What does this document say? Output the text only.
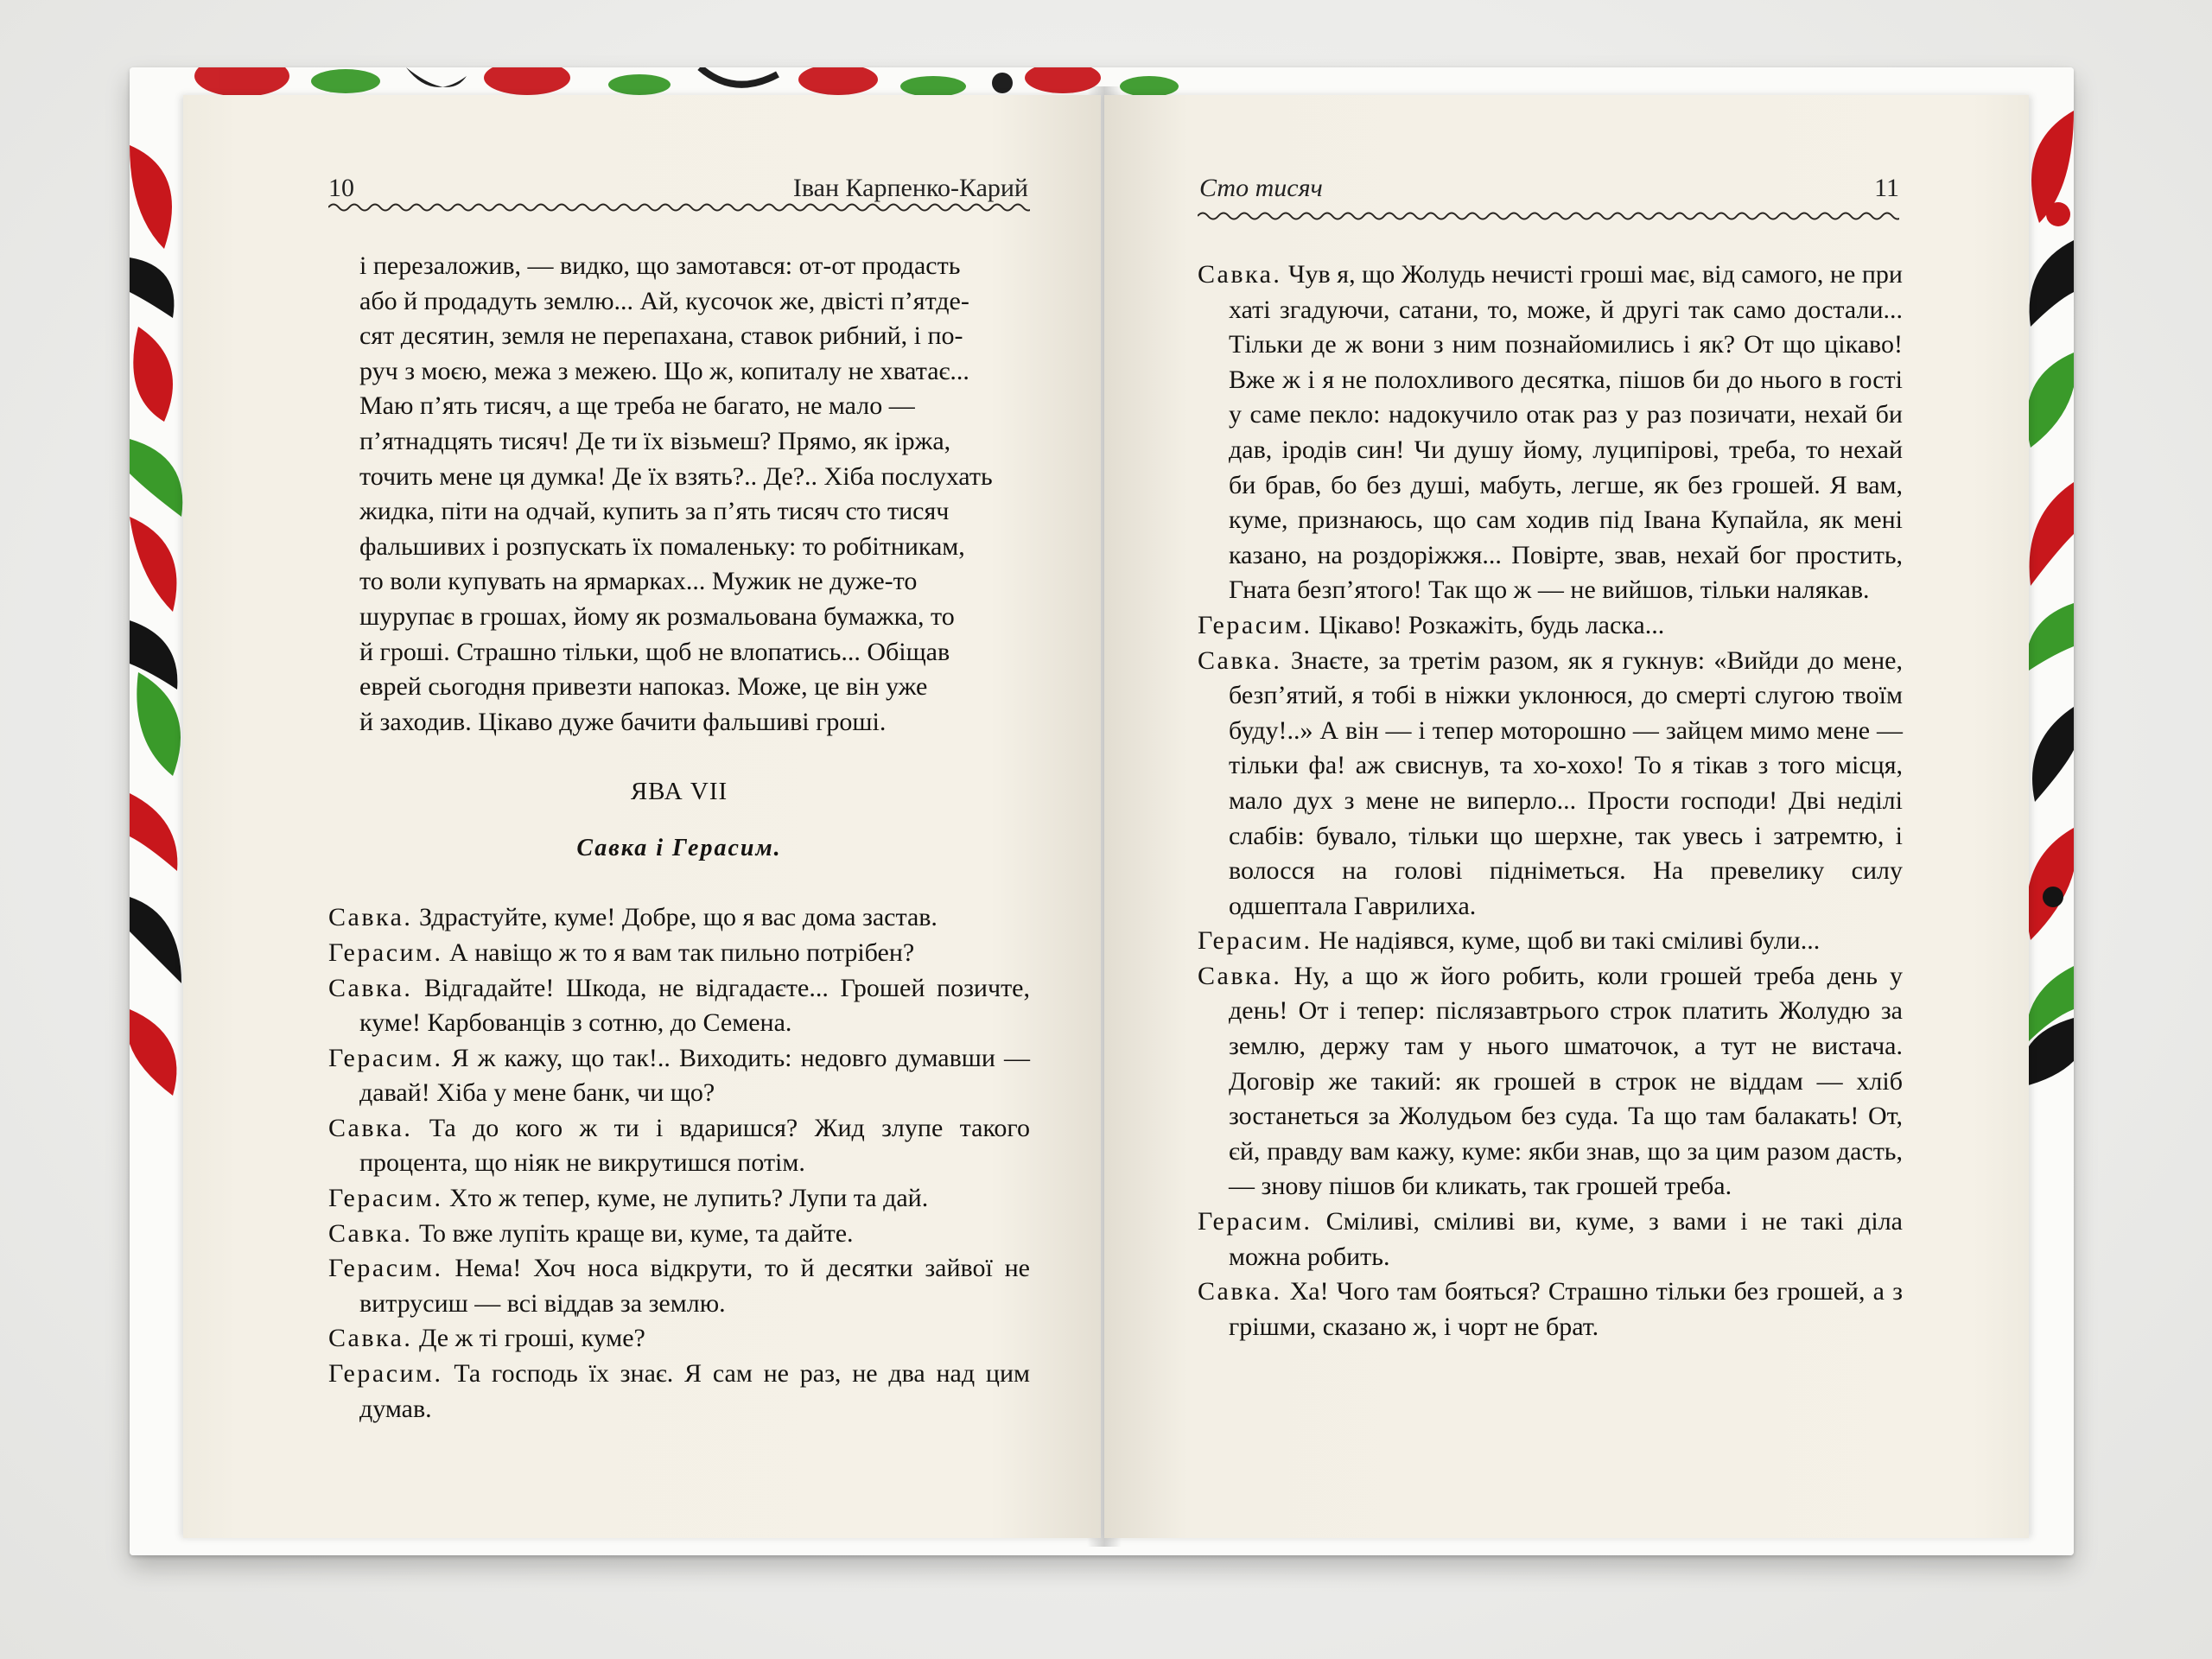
10	Іван Карпенко-Карий
і перезаложив, — видко, що замотався: от-от продасть
або й продадуть землю... Ай, кусочок же, двісті п’ятде-
сят десятин, земля не перепахана, ставок рибний, і по-
руч з моєю, межа з межею. Що ж, копиталу не хватає...
Маю п’ять тисяч, а ще треба не багато, не мало —
п’ятнадцять тисяч! Де ти їх візьмеш? Прямо, як іржа,
точить мене ця думка! Де їх взять?.. Де?.. Хіба послухать
жидка, піти на одчай, купить за п’ять тисяч сто тисяч
фальшивих і розпускать їх помаленьку: то робітникам,
то воли купувать на ярмарках... Мужик не дуже-то
шурупає в грошах, йому як розмальована бумажка, то
й гроші. Страшно тільки, щоб не влопатись... Обіщав
еврей сьогодня привезти напоказ. Може, це він уже
й заходив. Цікаво дуже бачити фальшиві гроші.
ЯВА VII
Савка і Герасим.
Савка. Здрастуйте, куме! Добре, що я вас дома застав.
Герасим. А навіщо ж то я вам так пильно потрібен?
Савка. Відгадайте! Шкода, не відгадаєте... Грошей позичте, куме! Карбованців з сотню, до Семена.
Герасим. Я ж кажу, що так!.. Виходить: недовго думавши — давай! Хіба у мене банк, чи що?
Савка. Та до кого ж ти і вдаришся? Жид злупе такого процента, що ніяк не викрутишся потім.
Герасим. Хто ж тепер, куме, не лупить? Лупи та дай.
Савка. То вже лупіть краще ви, куме, та дайте.
Герасим. Нема! Хоч носа відкрути, то й десятки зайвої не витрусиш — всі віддав за землю.
Савка. Де ж ті гроші, куме?
Герасим. Та господь їх знає. Я сам не раз, не два над цим думав.
Сто тисяч	11
Савка. Чув я, що Жолудь нечисті гроші має, від самого, не при хаті згадуючи, сатани, то, може, й другі так само достали... Тільки де ж вони з ним познайомились і як? От що цікаво! Вже ж і я не полохливого десятка, пішов би до нього в гості у саме пекло: надокучило отак раз у раз позичати, нехай би дав, іродів син! Чи душу йому, луципірові, треба, то нехай би брав, бо без душі, мабуть, легше, як без грошей. Я вам, куме, признаюсь, що сам ходив під Івана Купайла, як мені казано, на роздоріжжя... Повірте, звав, нехай бог простить, Гната безп’ятого! Так що ж — не вийшов, тільки налякав.
Герасим. Цікаво! Розкажіть, будь ласка...
Савка. Знаєте, за третім разом, як я гукнув: «Вийди до мене, безп’ятий, я тобі в ніжки уклонюся, до смерті слугою твоїм буду!..» А він — і тепер моторошно — зайцем мимо мене — тільки фа! аж свиснув, та хо-хохо! То я тікав з того місця, мало дух з мене не виперло... Прости господи! Дві неділі слабів: бувало, тільки що шерхне, так увесь і затремтю, і волосся на голові підніметься. На превелику силу одшептала Гаврилиха.
Герасим. Не надіявся, куме, щоб ви такі сміливі були...
Савка. Ну, а що ж його робить, коли грошей треба день у день! От і тепер: післязавтрього строк платить Жолудю за землю, держу там у нього шматочок, а тут не вистача. Договір же такий: як грошей в строк не віддам — хліб зостанеться за Жолудьом без суда. Та що там балакать! От, єй, правду вам кажу, куме: якби знав, що за цим разом дасть, — знову пішов би кликать, так грошей треба.
Герасим. Сміливі, сміливі ви, куме, з вами і не такі діла можна робить.
Савка. Ха! Чого там бояться? Страшно тільки без грошей, а з грішми, сказано ж, і чорт не брат.
